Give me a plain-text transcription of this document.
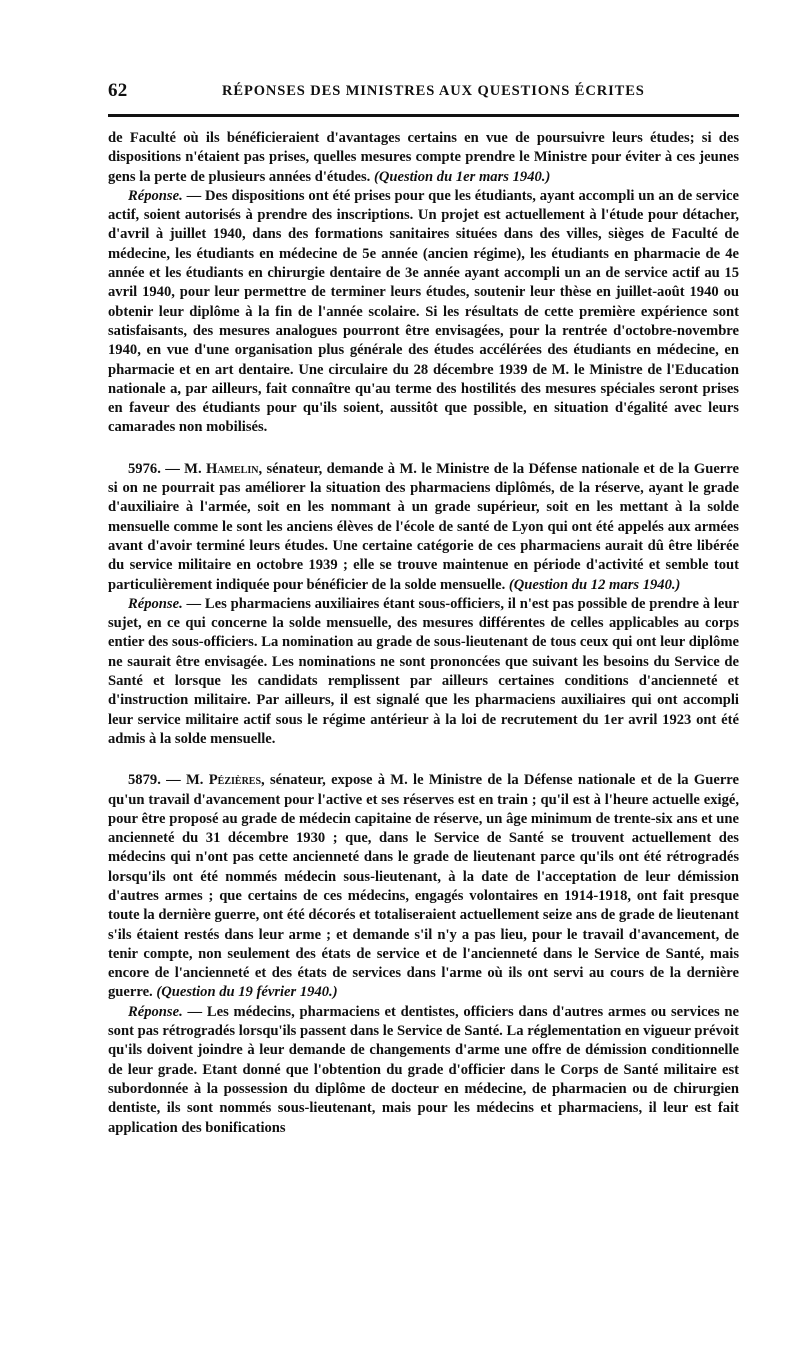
62	RÉPONSES DES MINISTRES AUX QUESTIONS ÉCRITES

de Faculté où ils bénéficieraient d'avantages certains en vue de poursuivre leurs études; si des dispositions n'étaient pas prises, quelles mesures compte prendre le Ministre pour éviter à ces jeunes gens la perte de plusieurs années d'études. (Question du 1er mars 1940.)

Réponse. — Des dispositions ont été prises pour que les étudiants, ayant accompli un an de service actif, soient autorisés à prendre des inscriptions. Un projet est actuellement à l'étude pour détacher, d'avril à juillet 1940, dans des formations sanitaires situées dans des villes, sièges de Faculté de médecine, les étudiants en médecine de 5e année (ancien régime), les étudiants en pharmacie de 4e année et les étudiants en chirurgie dentaire de 3e année ayant accompli un an de service actif au 15 avril 1940, pour leur permettre de terminer leurs études, soutenir leur thèse en juillet-août 1940 ou obtenir leur diplôme à la fin de l'année scolaire. Si les résultats de cette première expérience sont satisfaisants, des mesures analogues pourront être envisagées, pour la rentrée d'octobre-novembre 1940, en vue d'une organisation plus générale des études accélérées des étudiants en médecine, en pharmacie et en art dentaire. Une circulaire du 28 décembre 1939 de M. le Ministre de l'Education nationale a, par ailleurs, fait connaître qu'au terme des hostilités des mesures spéciales seront prises en faveur des étudiants pour qu'ils soient, aussitôt que possible, en situation d'égalité avec leurs camarades non mobilisés.

5976. — M. Hamelin, sénateur, demande à M. le Ministre de la Défense nationale et de la Guerre si on ne pourrait pas améliorer la situation des pharmaciens diplômés, de la réserve, ayant le grade d'auxiliaire à l'armée, soit en les nommant à un grade supérieur, soit en les mettant à la solde mensuelle comme le sont les anciens élèves de l'école de santé de Lyon qui ont été appelés aux armées avant d'avoir terminé leurs études. Une certaine catégorie de ces pharmaciens aurait dû être libérée du service militaire en octobre 1939 ; elle se trouve maintenue en période d'activité et semble tout particulièrement indiquée pour bénéficier de la solde mensuelle. (Question du 12 mars 1940.)

Réponse. — Les pharmaciens auxiliaires étant sous-officiers, il n'est pas possible de prendre à leur sujet, en ce qui concerne la solde mensuelle, des mesures différentes de celles applicables au corps entier des sous-officiers. La nomination au grade de sous-lieutenant de tous ceux qui ont leur diplôme ne saurait être envisagée. Les nominations ne sont prononcées que suivant les besoins du Service de Santé et lorsque les candidats remplissent par ailleurs certaines conditions d'ancienneté et d'instruction militaire. Par ailleurs, il est signalé que les pharmaciens auxiliaires qui ont accompli leur service militaire actif sous le régime antérieur à la loi de recrutement du 1er avril 1923 ont été admis à la solde mensuelle.

5879. — M. Pézières, sénateur, expose à M. le Ministre de la Défense nationale et de la Guerre qu'un travail d'avancement pour l'active et ses réserves est en train ; qu'il est à l'heure actuelle exigé, pour être proposé au grade de médecin capitaine de réserve, un âge minimum de trente-six ans et une ancienneté du 31 décembre 1930 ; que, dans le Service de Santé se trouvent actuellement des médecins qui n'ont pas cette ancienneté dans le grade de lieutenant parce qu'ils ont été rétrogradés lorsqu'ils ont été nommés médecin sous-lieutenant, à la date de l'acceptation de leur démission d'autres armes ; que certains de ces médecins, engagés volontaires en 1914-1918, ont fait presque toute la dernière guerre, ont été décorés et totaliseraient actuellement seize ans de grade de lieutenant s'ils étaient restés dans leur arme ; et demande s'il n'y a pas lieu, pour le travail d'avancement, de tenir compte, non seulement des états de service et de l'ancienneté dans le Service de Santé, mais encore de l'ancienneté et des états de services dans l'arme où ils ont servi au cours de la dernière guerre. (Question du 19 février 1940.)

Réponse. — Les médecins, pharmaciens et dentistes, officiers dans d'autres armes ou services ne sont pas rétrogradés lorsqu'ils passent dans le Service de Santé. La réglementation en vigueur prévoit qu'ils doivent joindre à leur demande de changements d'arme une offre de démission conditionnelle de leur grade. Etant donné que l'obtention du grade d'officier dans le Corps de Santé militaire est subordonnée à la possession du diplôme de docteur en médecine, de pharmacien ou de chirurgien dentiste, ils sont nommés sous-lieutenant, mais pour les médecins et pharmaciens, il leur est fait application des bonifications
